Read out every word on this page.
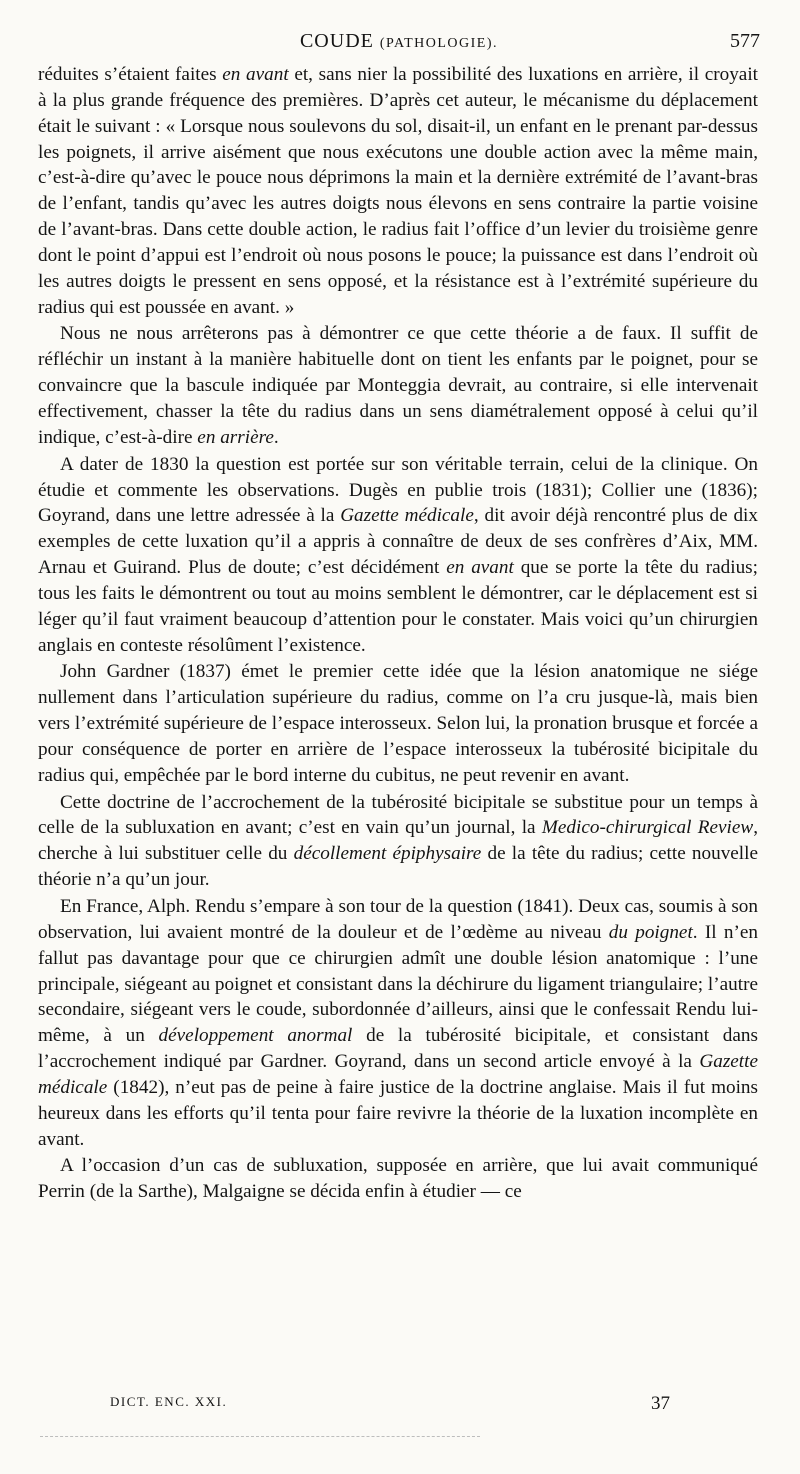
COUDE (PATHOLOGIE).	577

réduites s’étaient faites en avant et, sans nier la possibilité des luxations en arrière, il croyait à la plus grande fréquence des premières. D’après cet auteur, le mécanisme du déplacement était le suivant : « Lorsque nous soulevons du sol, disait-il, un enfant en le prenant par-dessus les poignets, il arrive aisément que nous exécutons une double action avec la même main, c’est-à-dire qu’avec le pouce nous déprimons la main et la dernière extrémité de l’avant-bras de l’enfant, tandis qu’avec les autres doigts nous élevons en sens contraire la partie voisine de l’avant-bras. Dans cette double action, le radius fait l’office d’un levier du troisième genre dont le point d’appui est l’endroit où nous posons le pouce; la puissance est dans l’endroit où les autres doigts le pressent en sens opposé, et la résistance est à l’extrémité supérieure du radius qui est poussée en avant. »

Nous ne nous arrêterons pas à démontrer ce que cette théorie a de faux. Il suffit de réfléchir un instant à la manière habituelle dont on tient les enfants par le poignet, pour se convaincre que la bascule indiquée par Monteggia devrait, au contraire, si elle intervenait effectivement, chasser la tête du radius dans un sens diamétralement opposé à celui qu’il indique, c’est-à-dire en arrière.

A dater de 1830 la question est portée sur son véritable terrain, celui de la clinique. On étudie et commente les observations. Dugès en publie trois (1831); Collier une (1836); Goyrand, dans une lettre adressée à la Gazette médicale, dit avoir déjà rencontré plus de dix exemples de cette luxation qu’il a appris à connaître de deux de ses confrères d’Aix, MM. Arnau et Guirand. Plus de doute; c’est décidément en avant que se porte la tête du radius; tous les faits le démontrent ou tout au moins semblent le démontrer, car le déplacement est si léger qu’il faut vraiment beaucoup d’attention pour le constater. Mais voici qu’un chirurgien anglais en conteste résolûment l’existence.

John Gardner (1837) émet le premier cette idée que la lésion anatomique ne siége nullement dans l’articulation supérieure du radius, comme on l’a cru jusque-là, mais bien vers l’extrémité supérieure de l’espace interosseux. Selon lui, la pronation brusque et forcée a pour conséquence de porter en arrière de l’espace interosseux la tubérosité bicipitale du radius qui, empêchée par le bord interne du cubitus, ne peut revenir en avant.

Cette doctrine de l’accrochement de la tubérosité bicipitale se substitue pour un temps à celle de la subluxation en avant; c’est en vain qu’un journal, la Medico-chirurgical Review, cherche à lui substituer celle du décollement épiphysaire de la tête du radius; cette nouvelle théorie n’a qu’un jour.

En France, Alph. Rendu s’empare à son tour de la question (1841). Deux cas, soumis à son observation, lui avaient montré de la douleur et de l’œdème au niveau du poignet. Il n’en fallut pas davantage pour que ce chirurgien admît une double lésion anatomique : l’une principale, siégeant au poignet et consistant dans la déchirure du ligament triangulaire; l’autre secondaire, siégeant vers le coude, subordonnée d’ailleurs, ainsi que le confessait Rendu lui-même, à un développement anormal de la tubérosité bicipitale, et consistant dans l’accrochement indiqué par Gardner. Goyrand, dans un second article envoyé à la Gazette médicale (1842), n’eut pas de peine à faire justice de la doctrine anglaise. Mais il fut moins heureux dans les efforts qu’il tenta pour faire revivre la théorie de la luxation incomplète en avant.

A l’occasion d’un cas de subluxation, supposée en arrière, que lui avait communiqué Perrin (de la Sarthe), Malgaigne se décida enfin à étudier — ce

DICT. ENC. XXI.	37
